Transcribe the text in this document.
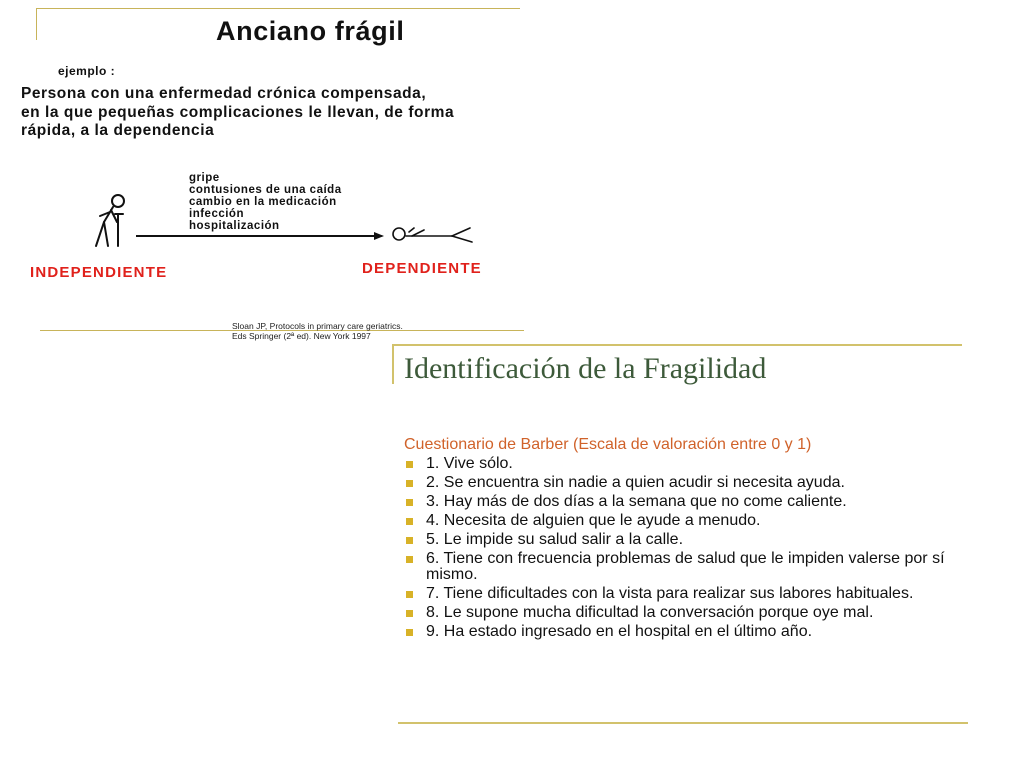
Anciano frágil
ejemplo :
Persona con una enfermedad crónica compensada,
en la que pequeñas complicaciones le llevan, de forma
rápida, a la dependencia
gripe
contusiones de una caída
cambio en la medicación
infección
hospitalización
INDEPENDIENTE	DEPENDIENTE
Sloan JP, Protocols in primary care geriatrics.
Eds Springer (2ª ed). New York 1997
Identificación de la Fragilidad
Cuestionario de Barber (Escala de valoración entre 0 y 1)
1. Vive sólo.
2. Se encuentra sin nadie a quien acudir si necesita ayuda.
3. Hay más de dos días a la semana que no come caliente.
4. Necesita de alguien que le ayude a menudo.
5. Le impide su salud salir a la calle.
6. Tiene con frecuencia problemas de salud que le impiden valerse por sí mismo.
7. Tiene dificultades con la vista para realizar sus labores habituales.
8. Le supone mucha dificultad la conversación porque oye mal.
9. Ha estado ingresado en el hospital en el último año.
